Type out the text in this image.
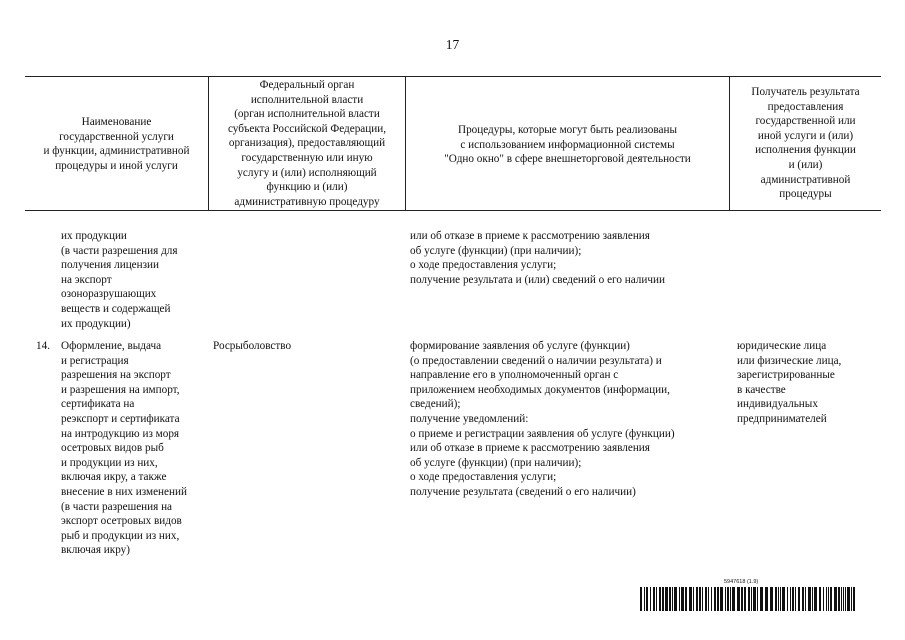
17
Наименование
государственной услуги
и функции, административной
процедуры и иной услуги
Федеральный орган
исполнительной власти
(орган исполнительной власти
субъекта Российской Федерации,
организация), предоставляющий
государственную или иную
услугу и (или) исполняющий
функцию и (или)
административную процедуру
Процедуры, которые могут быть реализованы
с использованием информационной системы
"Одно окно" в сфере внешнеторговой деятельности
Получатель результата
предоставления
государственной или
иной услуги и (или)
исполнения функции
и (или)
административной
процедуры
их продукции
(в части разрешения для
получения лицензии
на экспорт
озоноразрушающих
веществ и содержащей
их продукции)
или об отказе в приеме к рассмотрению заявления
об услуге (функции) (при наличии);
о ходе предоставления услуги;
получение результата и (или) сведений о его наличии
14. Оформление, выдача
и регистрация
разрешения на экспорт
и разрешения на импорт,
сертификата на
реэкспорт и сертификата
на интродукцию из моря
осетровых видов рыб
и продукции из них,
включая икру, а также
внесение в них изменений
(в части разрешения на
экспорт осетровых видов
рыб и продукции из них,
включая икру)
Росрыболовство	формирование заявления об услуге (функции)
(о предоставлении сведений о наличии результата) и
направление его в уполномоченный орган с
приложением необходимых документов (информации,
сведений);
получение уведомлений:
о приеме и регистрации заявления об услуге (функции)
или об отказе в приеме к рассмотрению заявления
об услуге (функции) (при наличии);
о ходе предоставления услуги;
получение результата (сведений о его наличии)
юридические лица
или физические лица,
зарегистрированные
в качестве
индивидуальных
предпринимателей
5947618 (1.9)
